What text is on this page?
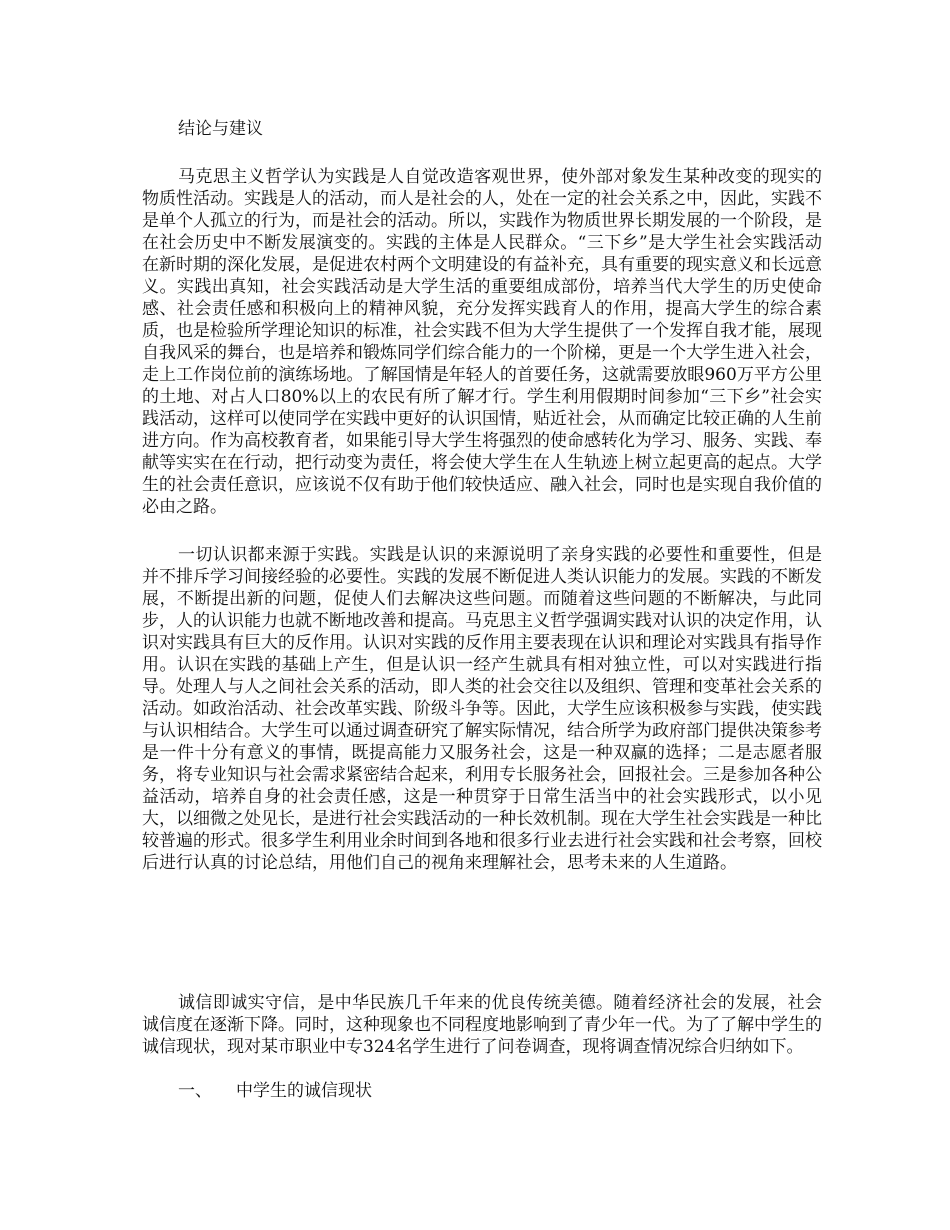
结论与建议

马克思主义哲学认为实践是人自觉改造客观世界，使外部对象发生某种改变的现实的物质性活动。实践是人的活动，而人是社会的人，处在一定的社会关系之中，因此，实践不是单个人孤立的行为，而是社会的活动。所以，实践作为物质世界长期发展的一个阶段，是在社会历史中不断发展演变的。实践的主体是人民群众。“三下乡”是大学生社会实践活动在新时期的深化发展，是促进农村两个文明建设的有益补充，具有重要的现实意义和长远意义。实践出真知，社会实践活动是大学生活的重要组成部份，培养当代大学生的历史使命感、社会责任感和积极向上的精神风貌，充分发挥实践育人的作用，提高大学生的综合素质，也是检验所学理论知识的标准，社会实践不但为大学生提供了一个发挥自我才能，展现自我风采的舞台，也是培养和锻炼同学们综合能力的一个阶梯，更是一个大学生进入社会，走上工作岗位前的演练场地。了解国情是年轻人的首要任务，这就需要放眼960万平方公里的土地、对占人口80%以上的农民有所了解才行。学生利用假期时间参加“三下乡”社会实践活动，这样可以使同学在实践中更好的认识国情，贴近社会，从而确定比较正确的人生前进方向。作为高校教育者，如果能引导大学生将强烈的使命感转化为学习、服务、实践、奉献等实实在在行动，把行动变为责任，将会使大学生在人生轨迹上树立起更高的起点。大学生的社会责任意识，应该说不仅有助于他们较快适应、融入社会，同时也是实现自我价值的必由之路。

一切认识都来源于实践。实践是认识的来源说明了亲身实践的必要性和重要性，但是并不排斥学习间接经验的必要性。实践的发展不断促进人类认识能力的发展。实践的不断发展，不断提出新的问题，促使人们去解决这些问题。而随着这些问题的不断解决，与此同步，人的认识能力也就不断地改善和提高。马克思主义哲学强调实践对认识的决定作用，认识对实践具有巨大的反作用。认识对实践的反作用主要表现在认识和理论对实践具有指导作用。认识在实践的基础上产生，但是认识一经产生就具有相对独立性，可以对实践进行指导。处理人与人之间社会关系的活动，即人类的社会交往以及组织、管理和变革社会关系的活动。如政治活动、社会改革实践、阶级斗争等。因此，大学生应该积极参与实践，使实践与认识相结合。大学生可以通过调查研究了解实际情况，结合所学为政府部门提供决策参考是一件十分有意义的事情，既提高能力又服务社会，这是一种双赢的选择；二是志愿者服务，将专业知识与社会需求紧密结合起来，利用专长服务社会，回报社会。三是参加各种公益活动，培养自身的社会责任感，这是一种贯穿于日常生活当中的社会实践形式，以小见大，以细微之处见长，是进行社会实践活动的一种长效机制。现在大学生社会实践是一种比较普遍的形式。很多学生利用业余时间到各地和很多行业去进行社会实践和社会考察，回校后进行认真的讨论总结，用他们自己的视角来理解社会，思考未来的人生道路。

诚信即诚实守信，是中华民族几千年来的优良传统美德。随着经济社会的发展，社会诚信度在逐渐下降。同时，这种现象也不同程度地影响到了青少年一代。为了了解中学生的诚信现状，现对某市职业中专324名学生进行了问卷调查，现将调查情况综合归纳如下。

一、 中学生的诚信现状
